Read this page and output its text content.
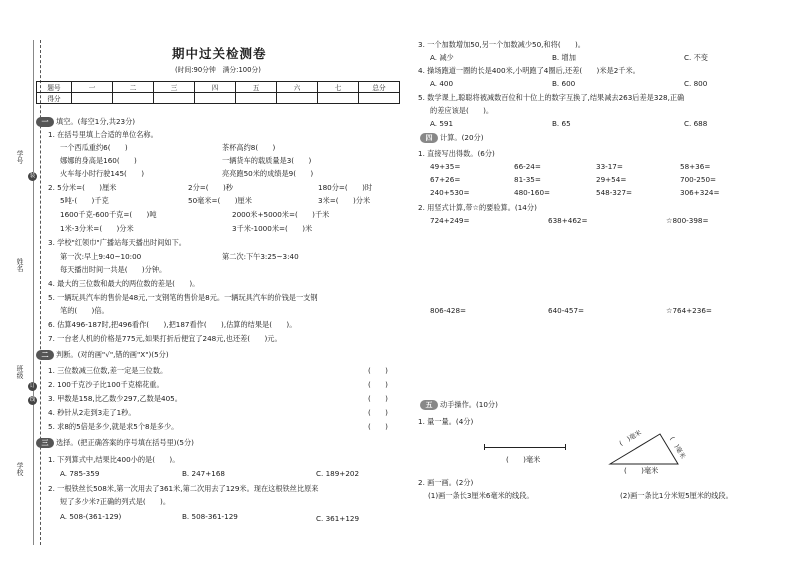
学号
姓名
班级
学校
装
订
线
期中过关检测卷
(时间:90分钟　满分:100分)
题号	一	二	三	四	五	六	七	总分
得分								
一 填空。(每空1分,共23分)
1. 在括号里填上合适的单位名称。
一个西瓜重约6(　　)	茶杯高约8(　　)
娜娜的身高是160(　　)	一辆货车的载质量是3(　　)
火车每小时行驶145(　　)	亮亮跑50米的成绩是9(　　)
2. 5分米=(　　)厘米	2分=(　　)秒	180分=(　　)时
5吨-(　　)千克	50毫米=(　　)厘米	3米=(　　)分米
1600千克-600千克=(　　)吨	2000米+5000米=(　　)千米
1米-3分米=(　　)分米	3千米-1000米=(　　)米
3. 学校"红领巾"广播站每天播出时间如下。
第一次:早上9:40~10:00	第二次:下午3:25~3:40
每天播出时间一共是(　　)分钟。
4. 最大的三位数和最大的两位数的差是(　　)。
5. 一辆玩具汽车的售价是48元,一支钢笔的售价是8元。一辆玩具汽车的价钱是一支钢
笔的(　　)倍。
6. 估算496-187时,把496看作(　　),把187看作(　　),估算的结果是(　　)。
7. 一台老人机的价格是775元,如果打折后便宜了248元,也还差(　　)元。
二 判断。(对的画"√",错的画"X")(5分)
1. 三位数减三位数,差一定是三位数。	(　　)
2. 100千克沙子比100千克棉花重。	(　　)
3. 甲数是158,比乙数少297,乙数是405。	(　　)
4. 秒针从2走到3走了1秒。	(　　)
5. 求8的5倍是多少,就是求5个8是多少。	(　　)
三 选择。(把正确答案的序号填在括号里)(5分)
1. 下列算式中,结果比400小的是(　　)。
A. 785-359	B. 247+168	C. 189+202
2. 一根铁丝长508米,第一次用去了361米,第二次用去了129米。现在这根铁丝比原来
短了多少米?正确的列式是(　　)。
A. 508-(361-129)	B. 508-361-129	C. 361+129
3. 一个加数增加50,另一个加数减少50,和将(　　)。
A. 减少	B. 增加	C. 不变
4. 操场跑道一圈的长是400米,小明跑了4圈后,还差(　　)米是2千米。
A. 400	B. 600	C. 800
5. 数学课上,聪聪将被减数百位和十位上的数字互换了,结果减去263后差是328,正确
的差应该是(　　)。
A. 591	B. 65	C. 688
四 计算。(20分)
1. 直接写出得数。(6分)
49+35=	66-24=	33-17=	58+36=
67+26=	81-35=	29+54=	700-250=
240+530=	480-160=	548-327=	306+324=
2. 用竖式计算,带☆的要验算。(14分)
724+249=	638+462=	☆800-398=
806-428=	640-457=	☆764+236=
五 动手操作。(10分)
1. 量一量。(4分)
(　　)毫米
(　)毫米	(　)毫米
(　　)毫米
2. 画一画。(2分)
(1)画一条长3厘米6毫米的线段。	(2)画一条比1分米短5厘米的线段。
